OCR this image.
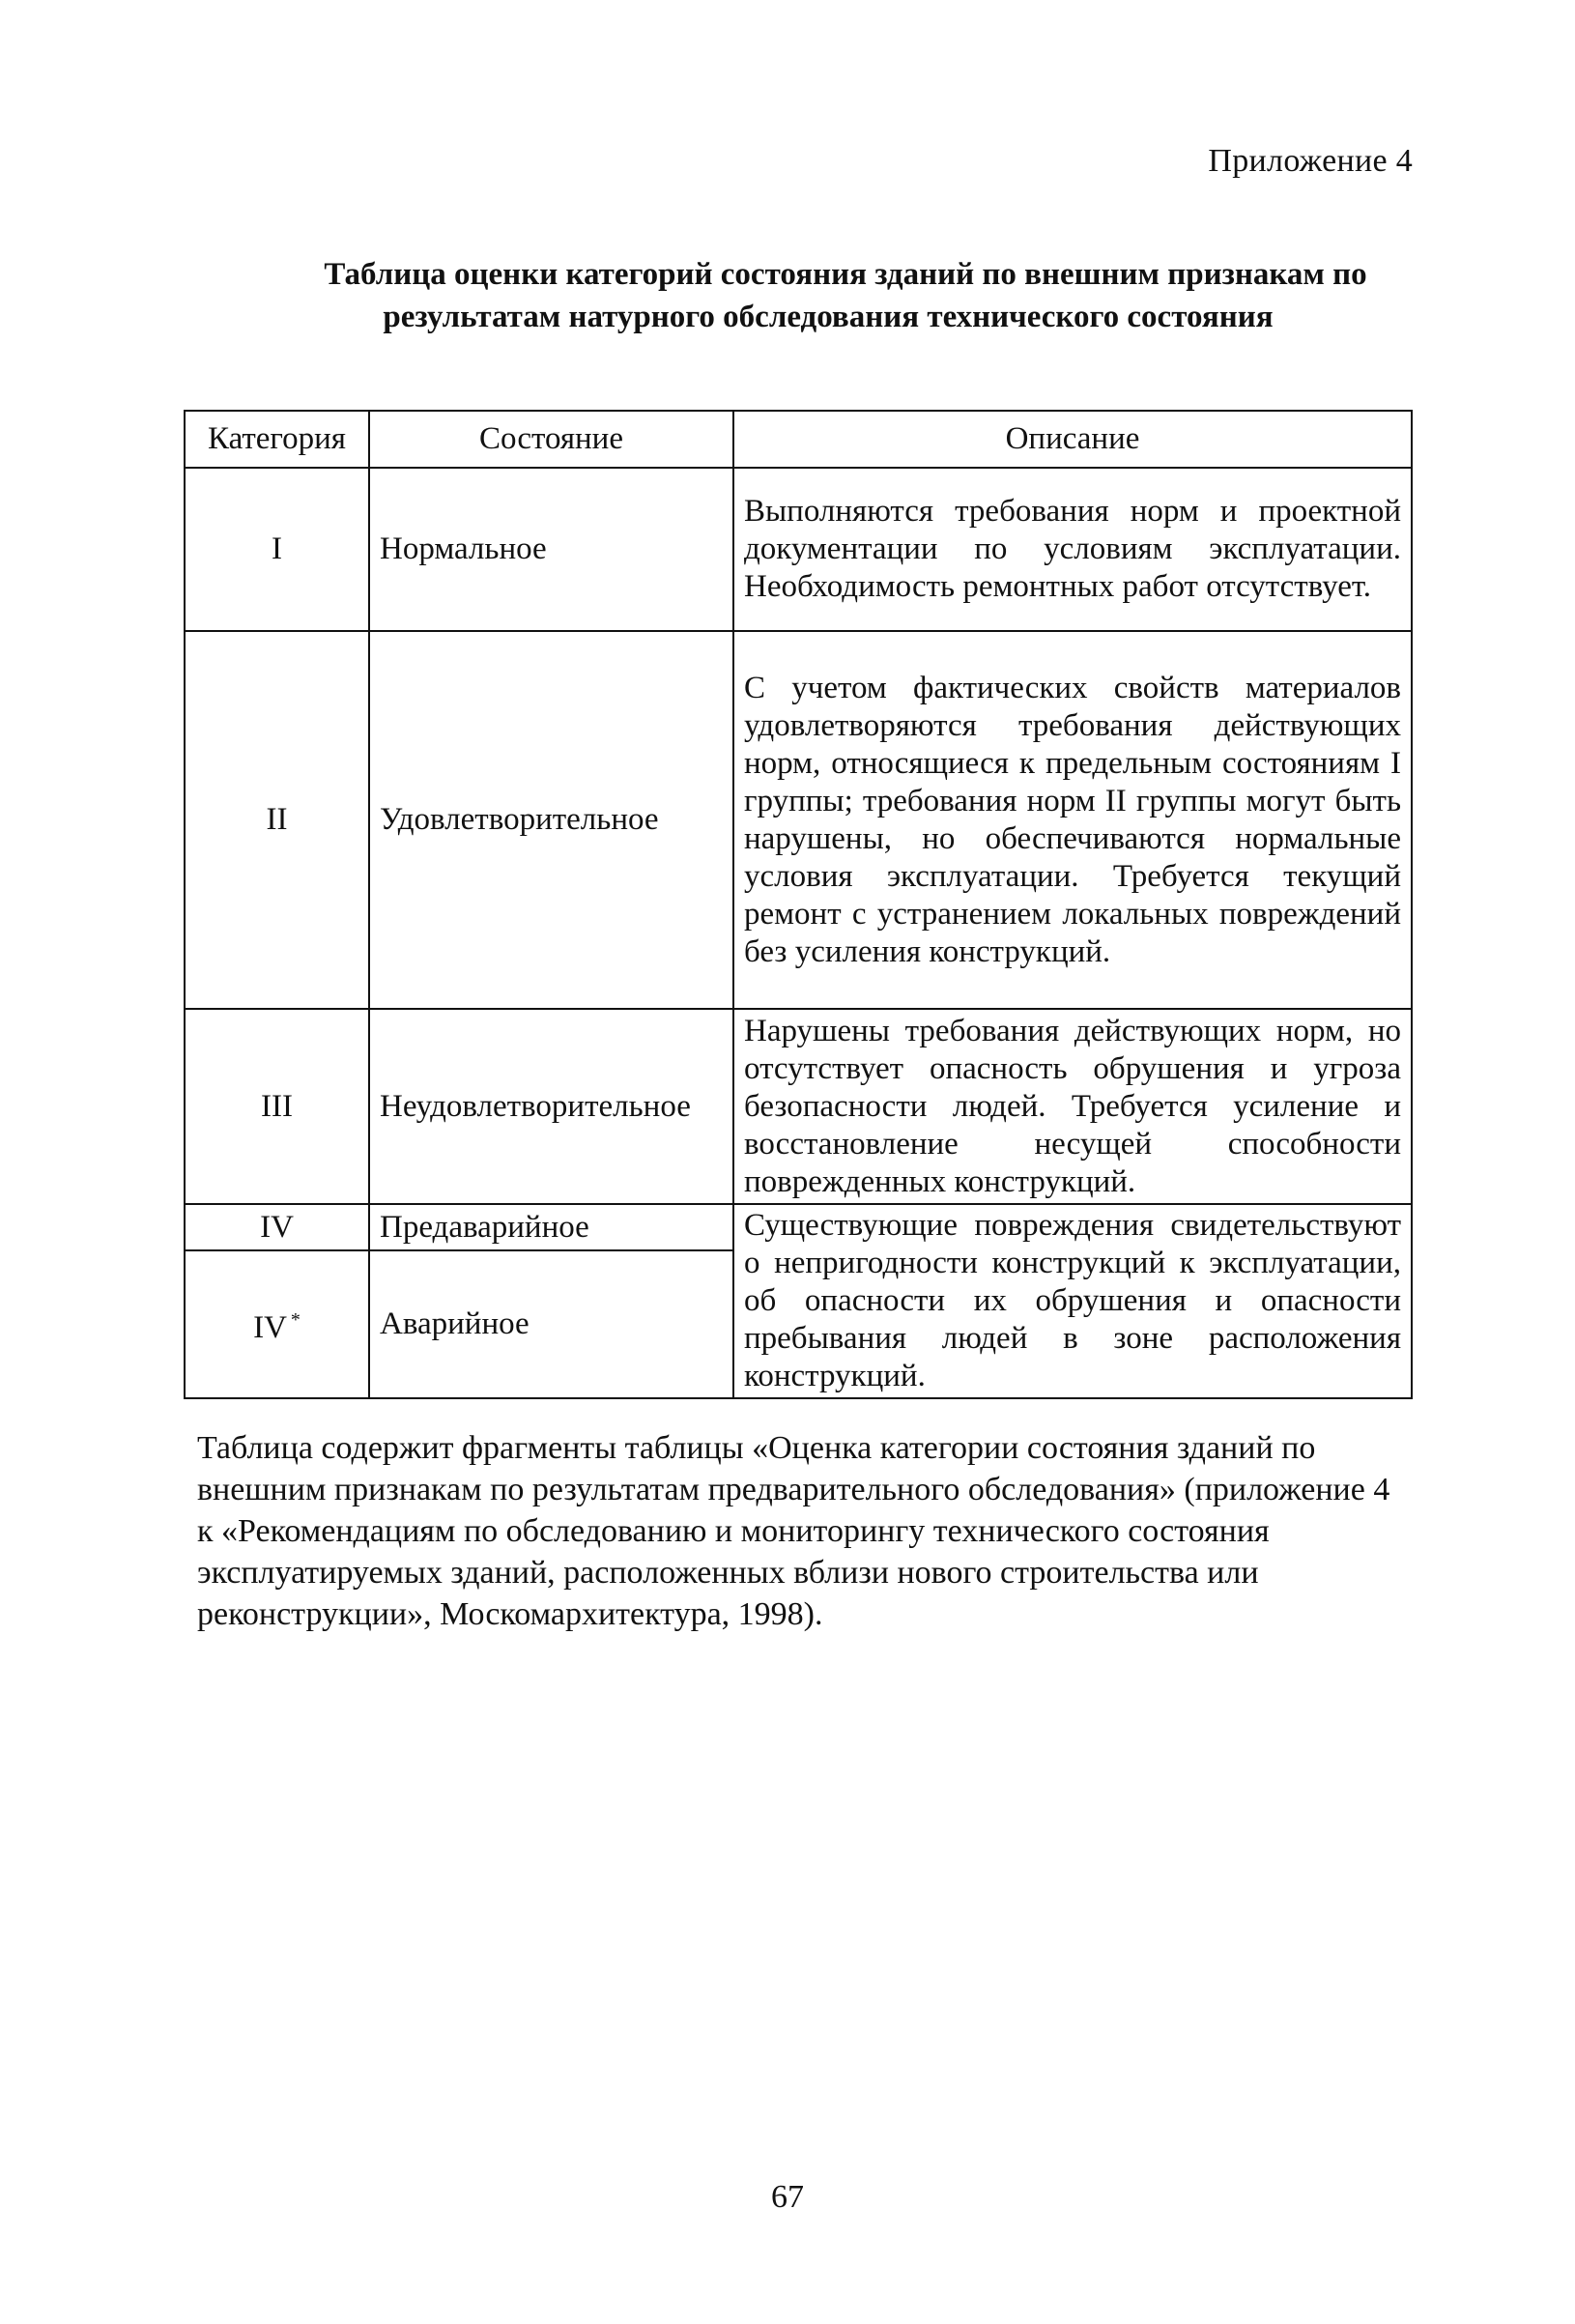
Приложение 4
Таблица оценки категорий состояния зданий по внешним признакам по
результатам натурного обследования технического состояния
Категория	Состояние	Описание
I	Нормальное	Выполняются требования норм и проектной документации по условиям эксплуатации. Необходимость ремонтных работ отсутствует.
II	Удовлетворительное	С учетом фактических свойств материалов удовлетворяются требования действующих норм, относящиеся к предельным состояниям I группы; требования норм II группы могут быть нарушены, но обеспечиваются нормальные условия эксплуатации. Требуется текущий ремонт с устранением локальных повреждений без усиления конструкций.
III	Неудовлетворительное	Нарушены требования действующих норм, но отсутствует опасность обрушения и угроза безопасности людей. Требуется усиление и восстановление несущей способности поврежденных конструкций.
IV	Предаварийное	Существующие повреждения свидетельствуют о непригодности конструкций к эксплуатации, об опасности их обрушения и опасности пребывания людей в зоне расположения конструкций.
IV *	Аварийное	
Таблица содержит фрагменты таблицы «Оценка категории состояния зданий по внешним признакам по результатам предварительного обследования» (приложение 4 к «Рекомендациям по обследованию и мониторингу технического состояния эксплуатируемых зданий, расположенных вблизи нового строительства или реконструкции», Москомархитектура, 1998).
67
